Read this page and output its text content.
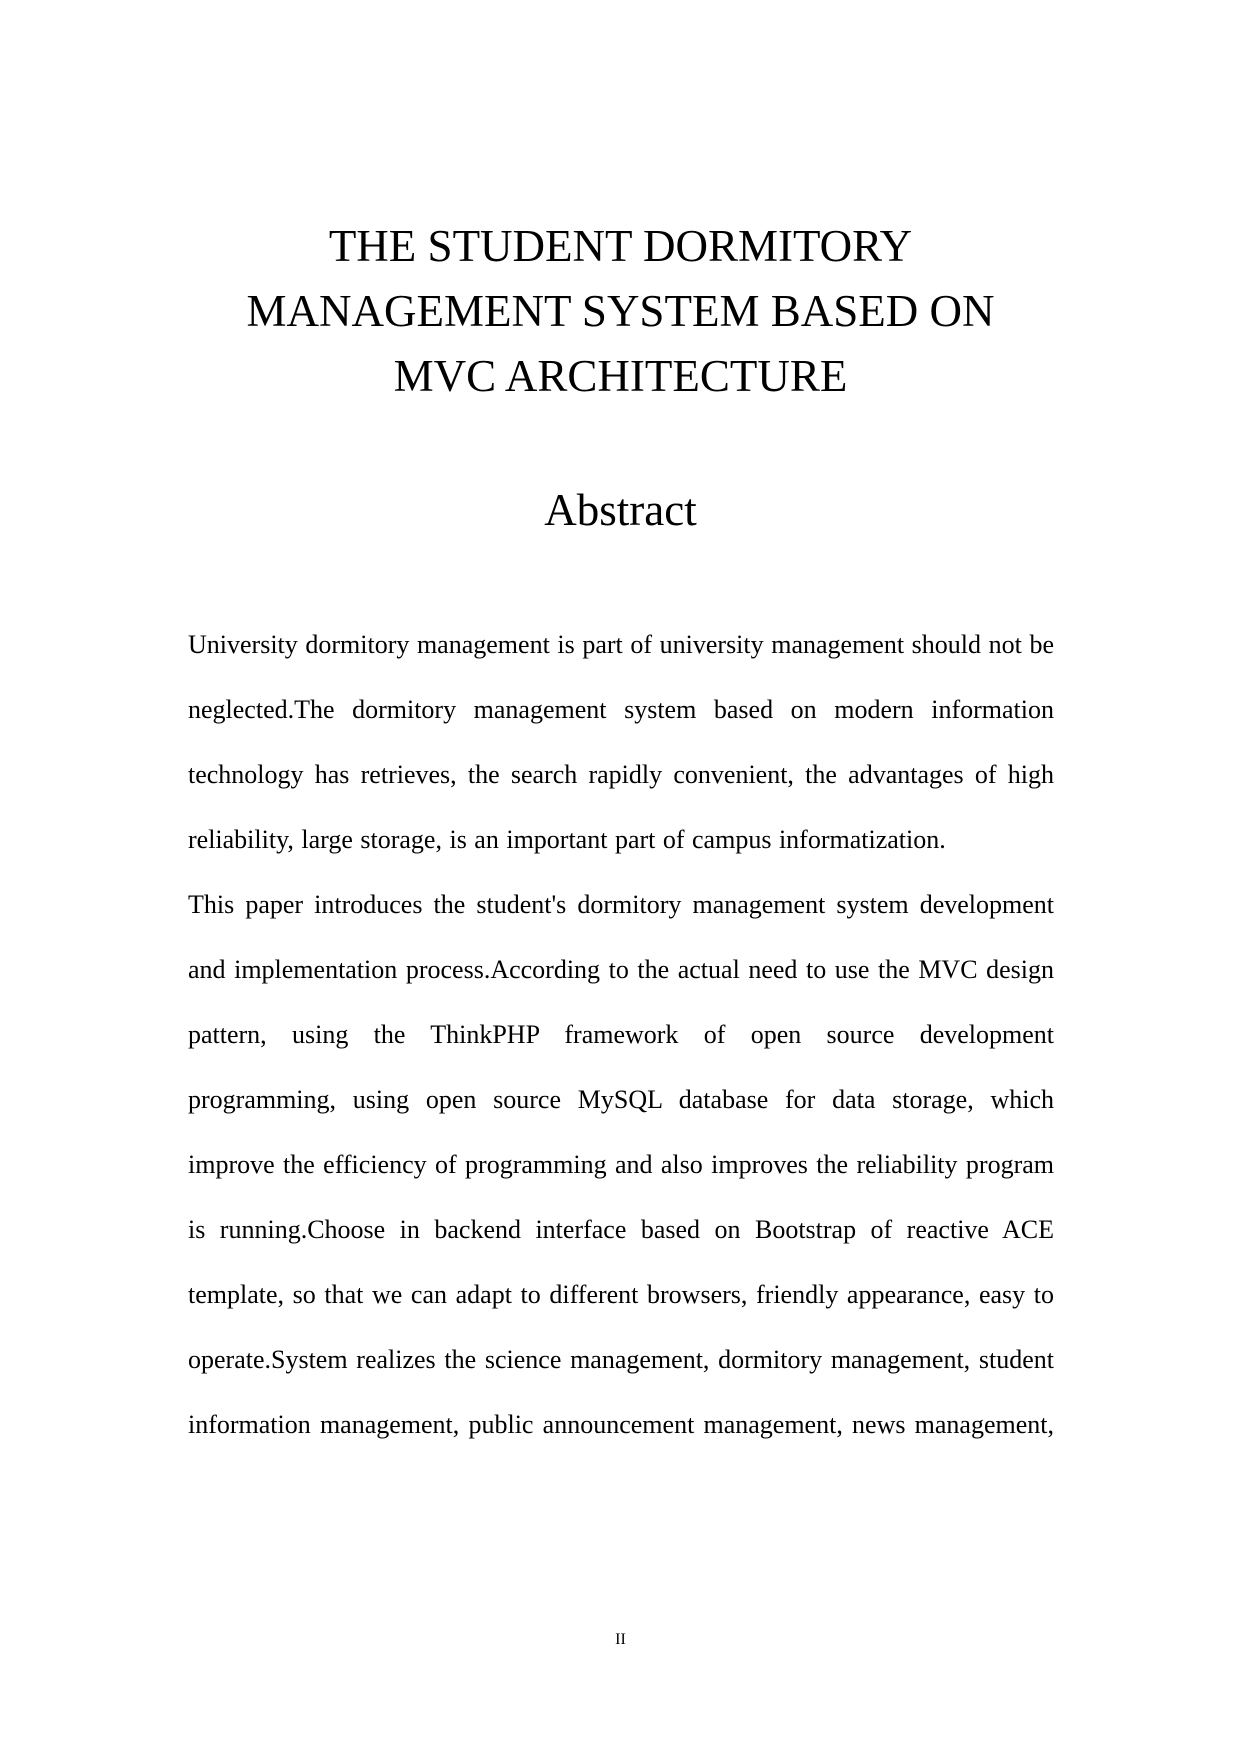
THE STUDENT DORMITORY
MANAGEMENT SYSTEM BASED ON
MVC ARCHITECTURE
Abstract

University dormitory management is part of university management should not be neglected.The dormitory management system based on modern information technology has retrieves, the search rapidly convenient, the advantages of high reliability, large storage, is an important part of campus informatization.

This paper introduces the student's dormitory management system development and implementation process.According to the actual need to use the MVC design pattern, using the ThinkPHP framework of open source development programming, using open source MySQL database for data storage, which improve the efficiency of programming and also improves the reliability program is running.Choose in backend interface based on Bootstrap of reactive ACE template, so that we can adapt to different browsers, friendly appearance, easy to operate.System realizes the science management, dormitory management, student information management, public announcement management, news management,

II
